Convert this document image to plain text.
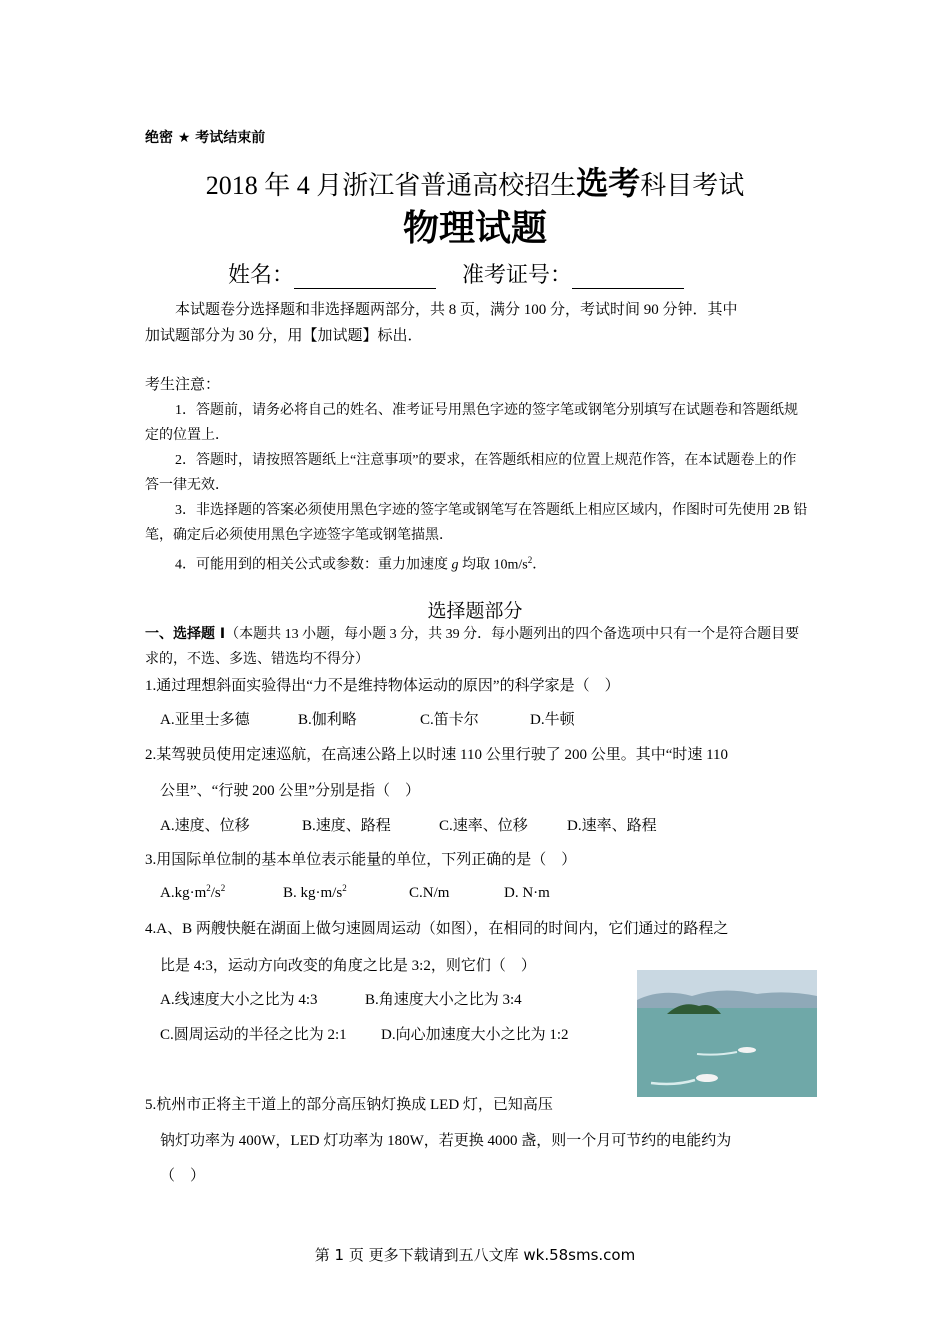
绝密 ★ 考试结束前
2018 年 4 月浙江省普通高校招生选考科目考试
物理试题
姓名：	准考证号：
本试题卷分选择题和非选择题两部分，共 8 页，满分 100 分，考试时间 90 分钟．其中
加试题部分为 30 分，用【加试题】标出．
考生注意：
1．答题前，请务必将自己的姓名、准考证号用黑色字迹的签字笔或钢笔分别填写在试题卷和答题纸规定的位置上．
2．答题时，请按照答题纸上“注意事项”的要求，在答题纸相应的位置上规范作答，在本试题卷上的作答一律无效．
3．非选择题的答案必须使用黑色字迹的签字笔或钢笔写在答题纸上相应区域内，作图时可先使用 2B 铅笔，确定后必须使用黑色字迹签字笔或钢笔描黑．
4．可能用到的相关公式或参数：重力加速度 g 均取 $10m/s^2$．
选择题部分
一、选择题 I（本题共 13 小题，每小题 3 分，共 39 分．每小题列出的四个备选项中只有一个是符合题目要求的，不选、多选、错选均不得分）
1.通过理想斜面实验得出“力不是维持物体运动的原因”的科学家是（　）
A.亚里士多德	B.伽利略	C.笛卡尔	D.牛顿
2.某驾驶员使用定速巡航，在高速公路上以时速 110 公里行驶了 200 公里。其中“时速 110
公里”、“行驶 200 公里”分别是指（　）
A.速度、位移	B.速度、路程	C.速率、位移	D.速率、路程
3.用国际单位制的基本单位表示能量的单位，下列正确的是（　）
$A.kg\cdot m^2/s^2$	B. $kg\cdot m/s^2$	C.N/m	D. N·m
4.A、B 两艘快艇在湖面上做匀速圆周运动（如图），在相同的时间内，它们通过的路程之
比是 4:3，运动方向改变的角度之比是 3:2，则它们（　）
A.线速度大小之比为 4:3	B.角速度大小之比为 3:4
C.圆周运动的半径之比为 2:1 D.向心加速度大小之比为 1:2
5.杭州市正将主干道上的部分高压钠灯换成 LED 灯，已知高压
钠灯功率为 400W，LED 灯功率为 180W，若更换 4000 盏，则一个月可节约的电能约为
（　）
第 1 页 更多下载请到五八文库 wk.58sms.com
